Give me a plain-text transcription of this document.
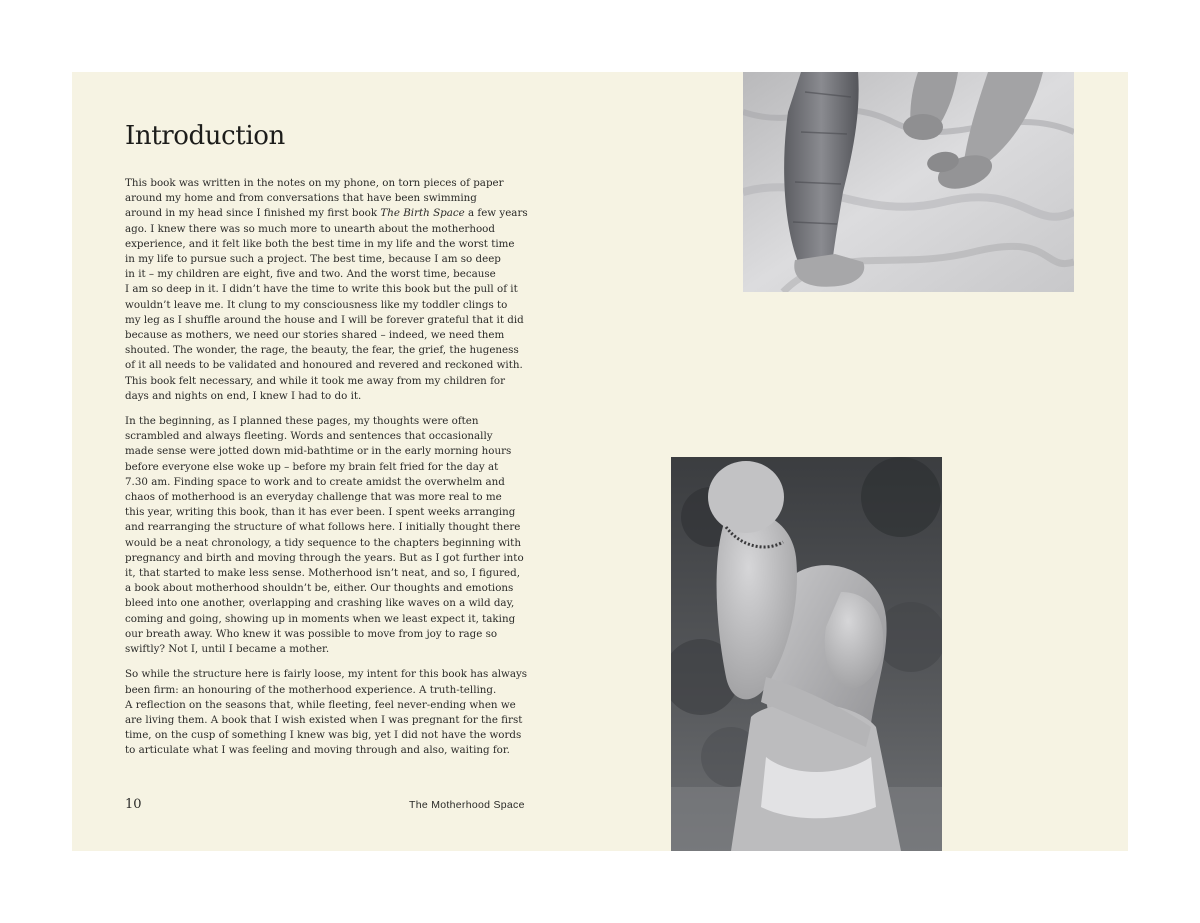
Introduction

This book was written in the notes on my phone, on torn pieces of paper
around my home and from conversations that have been swimming
around in my head since I finished my first book The Birth Space a few years
ago. I knew there was so much more to unearth about the motherhood
experience, and it felt like both the best time in my life and the worst time
in my life to pursue such a project. The best time, because I am so deep
in it – my children are eight, five and two. And the worst time, because
I am so deep in it. I didn’t have the time to write this book but the pull of it
wouldn’t leave me. It clung to my consciousness like my toddler clings to
my leg as I shuffle around the house and I will be forever grateful that it did
because as mothers, we need our stories shared – indeed, we need them
shouted. The wonder, the rage, the beauty, the fear, the grief, the hugeness
of it all needs to be validated and honoured and revered and reckoned with.
This book felt necessary, and while it took me away from my children for
days and nights on end, I knew I had to do it.

In the beginning, as I planned these pages, my thoughts were often
scrambled and always fleeting. Words and sentences that occasionally
made sense were jotted down mid-bathtime or in the early morning hours
before everyone else woke up – before my brain felt fried for the day at
7.30 am. Finding space to work and to create amidst the overwhelm and
chaos of motherhood is an everyday challenge that was more real to me
this year, writing this book, than it has ever been. I spent weeks arranging
and rearranging the structure of what follows here. I initially thought there
would be a neat chronology, a tidy sequence to the chapters beginning with
pregnancy and birth and moving through the years. But as I got further into
it, that started to make less sense. Motherhood isn’t neat, and so, I figured,
a book about motherhood shouldn’t be, either. Our thoughts and emotions
bleed into one another, overlapping and crashing like waves on a wild day,
coming and going, showing up in moments when we least expect it, taking
our breath away. Who knew it was possible to move from joy to rage so
swiftly? Not I, until I became a mother.

So while the structure here is fairly loose, my intent for this book has always
been firm: an honouring of the motherhood experience. A truth-telling.
A reflection on the seasons that, while fleeting, feel never-ending when we
are living them. A book that I wish existed when I was pregnant for the first
time, on the cusp of something I knew was big, yet I did not have the words
to articulate what I was feeling and moving through and also, waiting for.

10	The Motherhood Space
